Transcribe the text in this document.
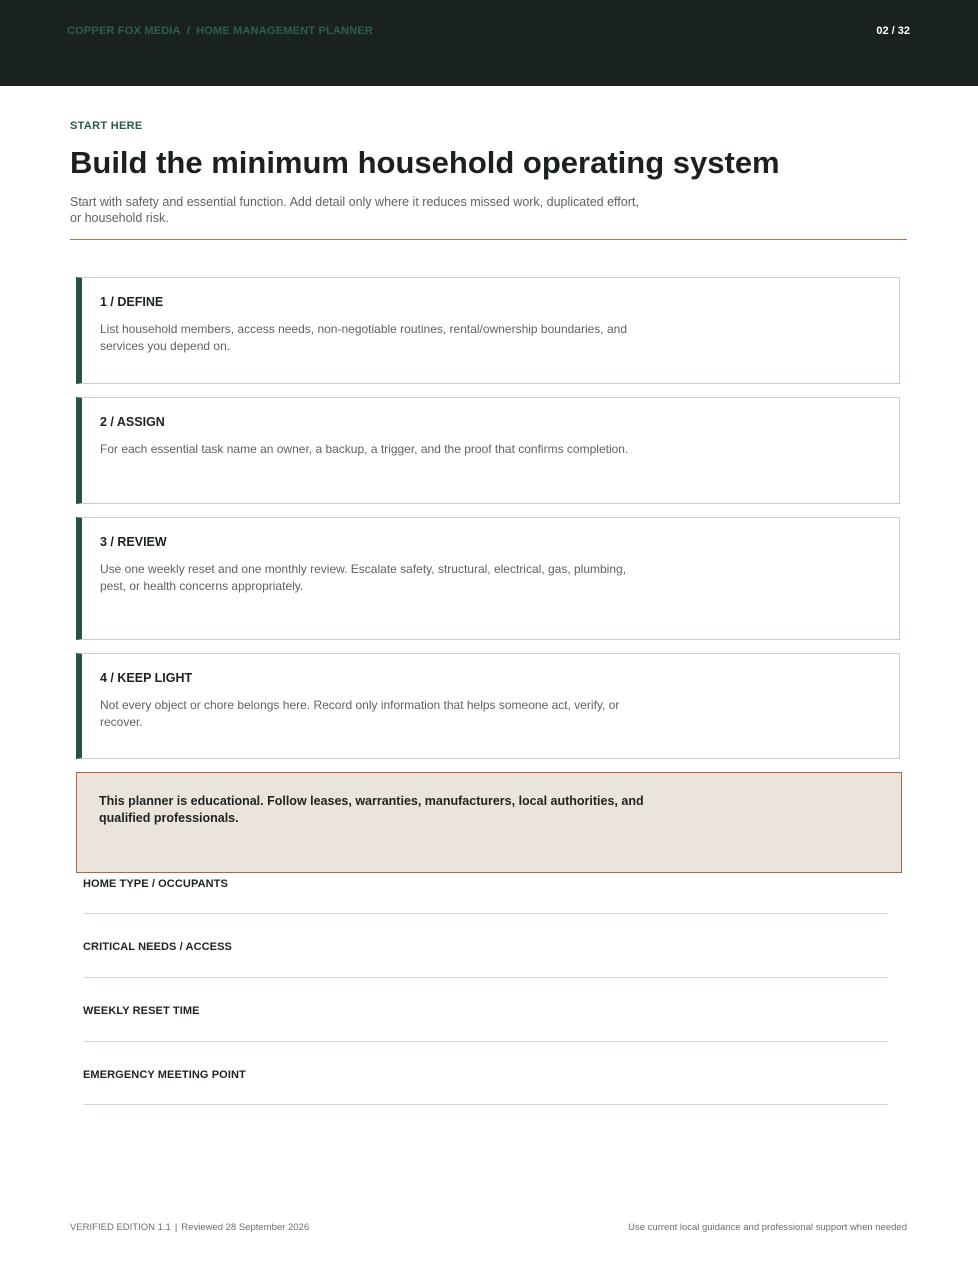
COPPER FOX MEDIA / HOME MANAGEMENT PLANNER	02 / 32
START HERE
Build the minimum household operating system
Start with safety and essential function. Add detail only where it reduces missed work, duplicated effort, or household risk.
1 / DEFINE
List household members, access needs, non-negotiable routines, rental/ownership boundaries, and services you depend on.
2 / ASSIGN
For each essential task name an owner, a backup, a trigger, and the proof that confirms completion.
3 / REVIEW
Use one weekly reset and one monthly review. Escalate safety, structural, electrical, gas, plumbing, pest, or health concerns appropriately.
4 / KEEP LIGHT
Not every object or chore belongs here. Record only information that helps someone act, verify, or recover.
This planner is educational. Follow leases, warranties, manufacturers, local authorities, and qualified professionals.
HOME TYPE / OCCUPANTS
CRITICAL NEEDS / ACCESS
WEEKLY RESET TIME
EMERGENCY MEETING POINT
VERIFIED EDITION 1.1 | Reviewed 28 September 2026	Use current local guidance and professional support when needed
